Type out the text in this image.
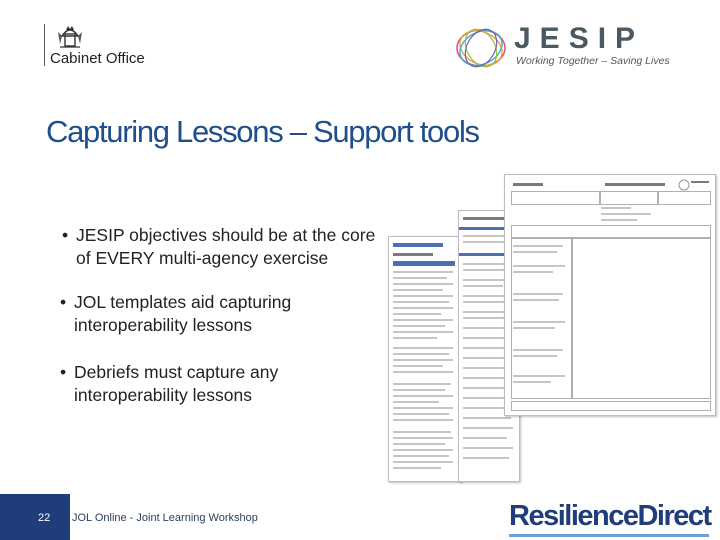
Cabinet Office
JESIP
Working Together – Saving Lives
Capturing Lessons – Support tools
• JESIP objectives should be at the core of EVERY multi-agency exercise
• JOL templates aid capturing interoperability lessons
• Debriefs must capture any interoperability lessons
22 JOL Online - Joint Learning Workshop	ResilienceDirect
